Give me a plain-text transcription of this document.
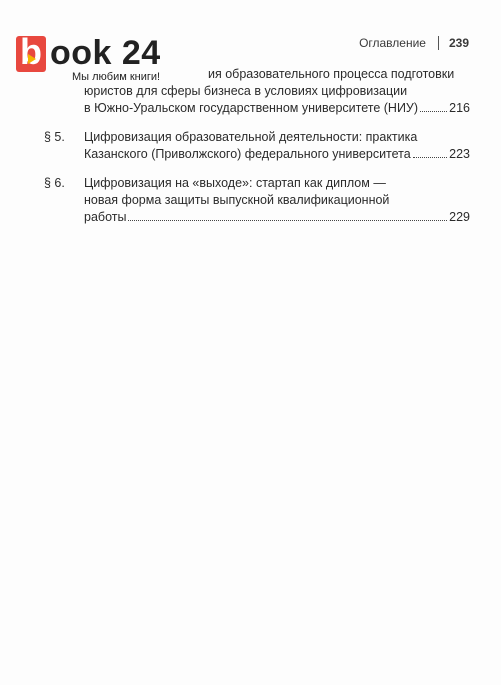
Оглавление 239
b ook 24
Мы любим книги!	ия образовательного процесса подготовки
юристов для сферы бизнеса в условиях цифровизации
в Южно-Уральском государственном университете (НИУ) 216
§ 5.	Цифровизация образовательной деятельности: практика
Казанского (Приволжского) федерального университета	223
§ 6.	Цифровизация на «выходе»: стартап как диплом —
новая форма защиты выпускной квалификационной
работы	229
